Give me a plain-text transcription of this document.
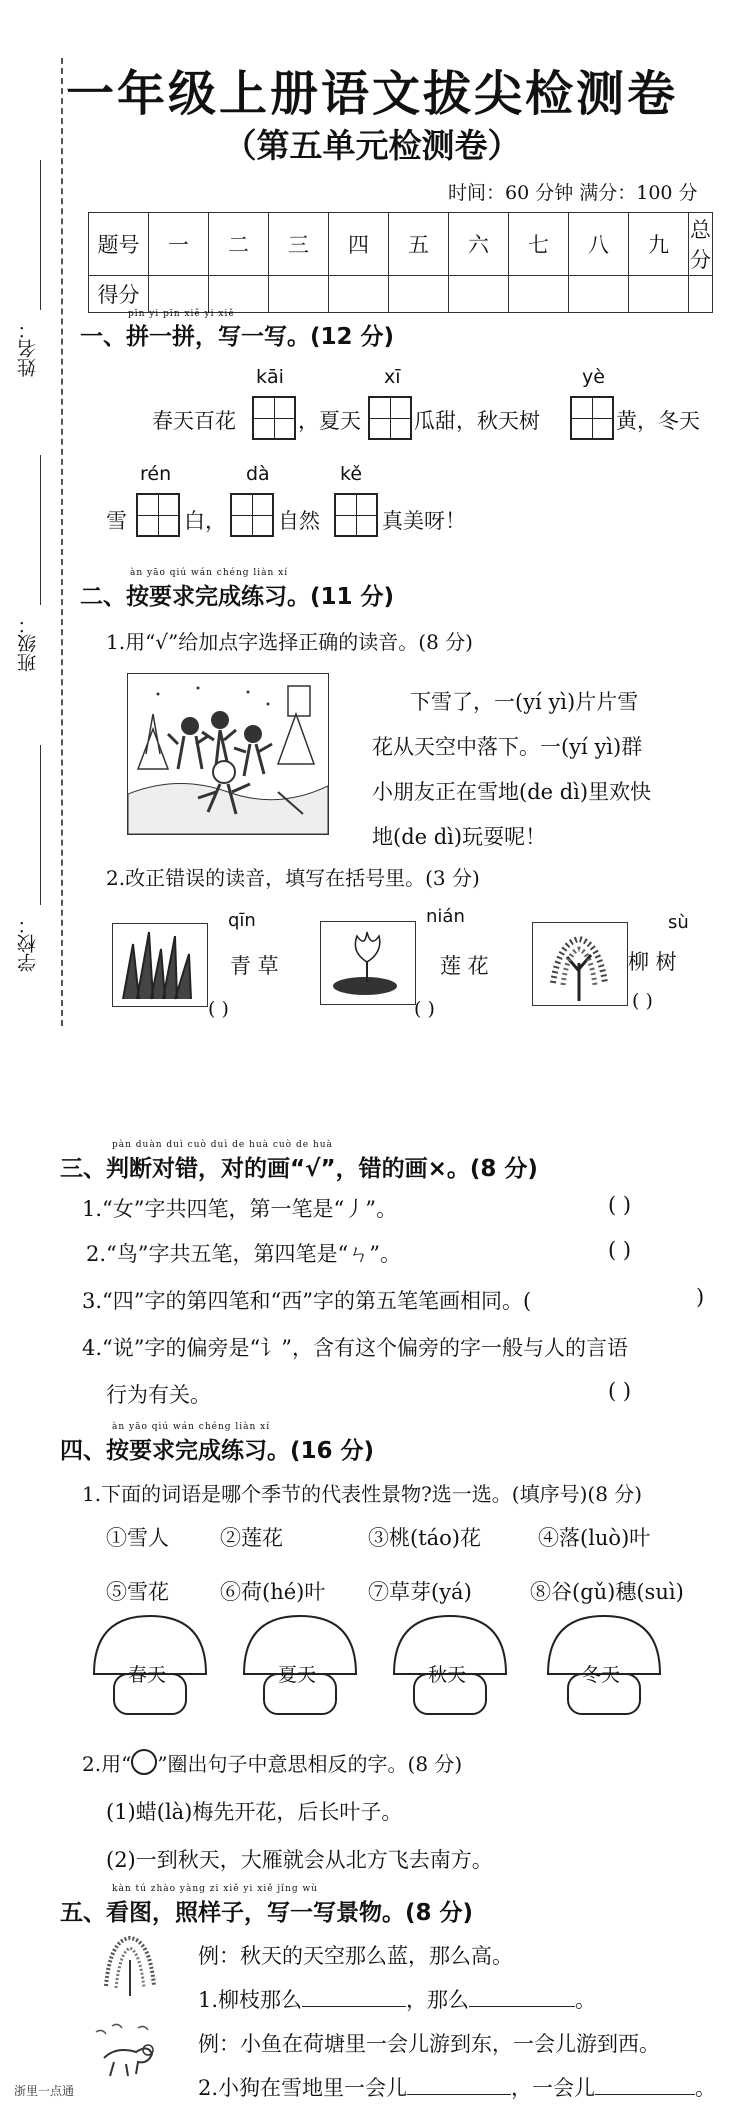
姓名：
班级：
学校：
一年级上册语文拔尖检测卷
（第五单元检测卷）
时间：60 分钟 满分：100 分
题号	一	二	三	四	五	六	七	八	九	总分
得分										
pīn yi pīn xiě yi xiě
一、拼一拼，写一写。(12 分)
kāi	xī	yè
春天百花	，夏天	瓜甜，秋天树	黄，冬天
rén	dà	kě
雪	白， 自然	真美呀！
àn yāo qiú wán chéng liàn xí
二、按要求完成练习。(11 分)
1.用“√”给加点字选择正确的读音。(8 分)
下雪了，一(yí yì)片片雪
花从天空中落下。一(yí yì)群
小朋友正在雪地(de dì)里欢快
地(de dì)玩耍呢！
2.改正错误的读音，填写在括号里。(3 分)
qīn
青 草
( )
nián
莲 花
( )
sù
柳 树
( )
pàn duàn duì cuò duì de huà cuò de huà
三、判断对错，对的画“√”，错的画×。(8 分)
1.“女”字共四笔，第一笔是“丿”。	( )
2.“鸟”字共五笔，第四笔是“ㄣ”。	( )
3.“四”字的第四笔和“西”字的第五笔笔画相同。(	)
4.“说”字的偏旁是“讠”，含有这个偏旁的字一般与人的言语
行为有关。	( )
àn yāo qiú wán chéng liàn xí
四、按要求完成练习。(16 分)
1.下面的词语是哪个季节的代表性景物?选一选。(填序号)(8 分)
①雪人 ②莲花	③桃(táo)花	④落(luò)叶
⑤雪花 ⑥荷(hé)叶 ⑦草芽(yá)	⑧谷(gǔ)穗(suì)
春天	夏天	秋天	冬天
2.用“ ”圈出句子中意思相反的字。(8 分)
(1)蜡(là)梅先开花，后长叶子。
(2)一到秋天，大雁就会从北方飞去南方。
kàn tú zhào yàng zi xiě yi xiě jǐng wù
五、看图，照样子，写一写景物。(8 分)
例：秋天的天空那么蓝，那么高。
1.柳枝那么	，那么	。
例：小鱼在荷塘里一会儿游到东，一会儿游到西。
2.小狗在雪地里一会儿	，一会儿	。
浙里一点通
